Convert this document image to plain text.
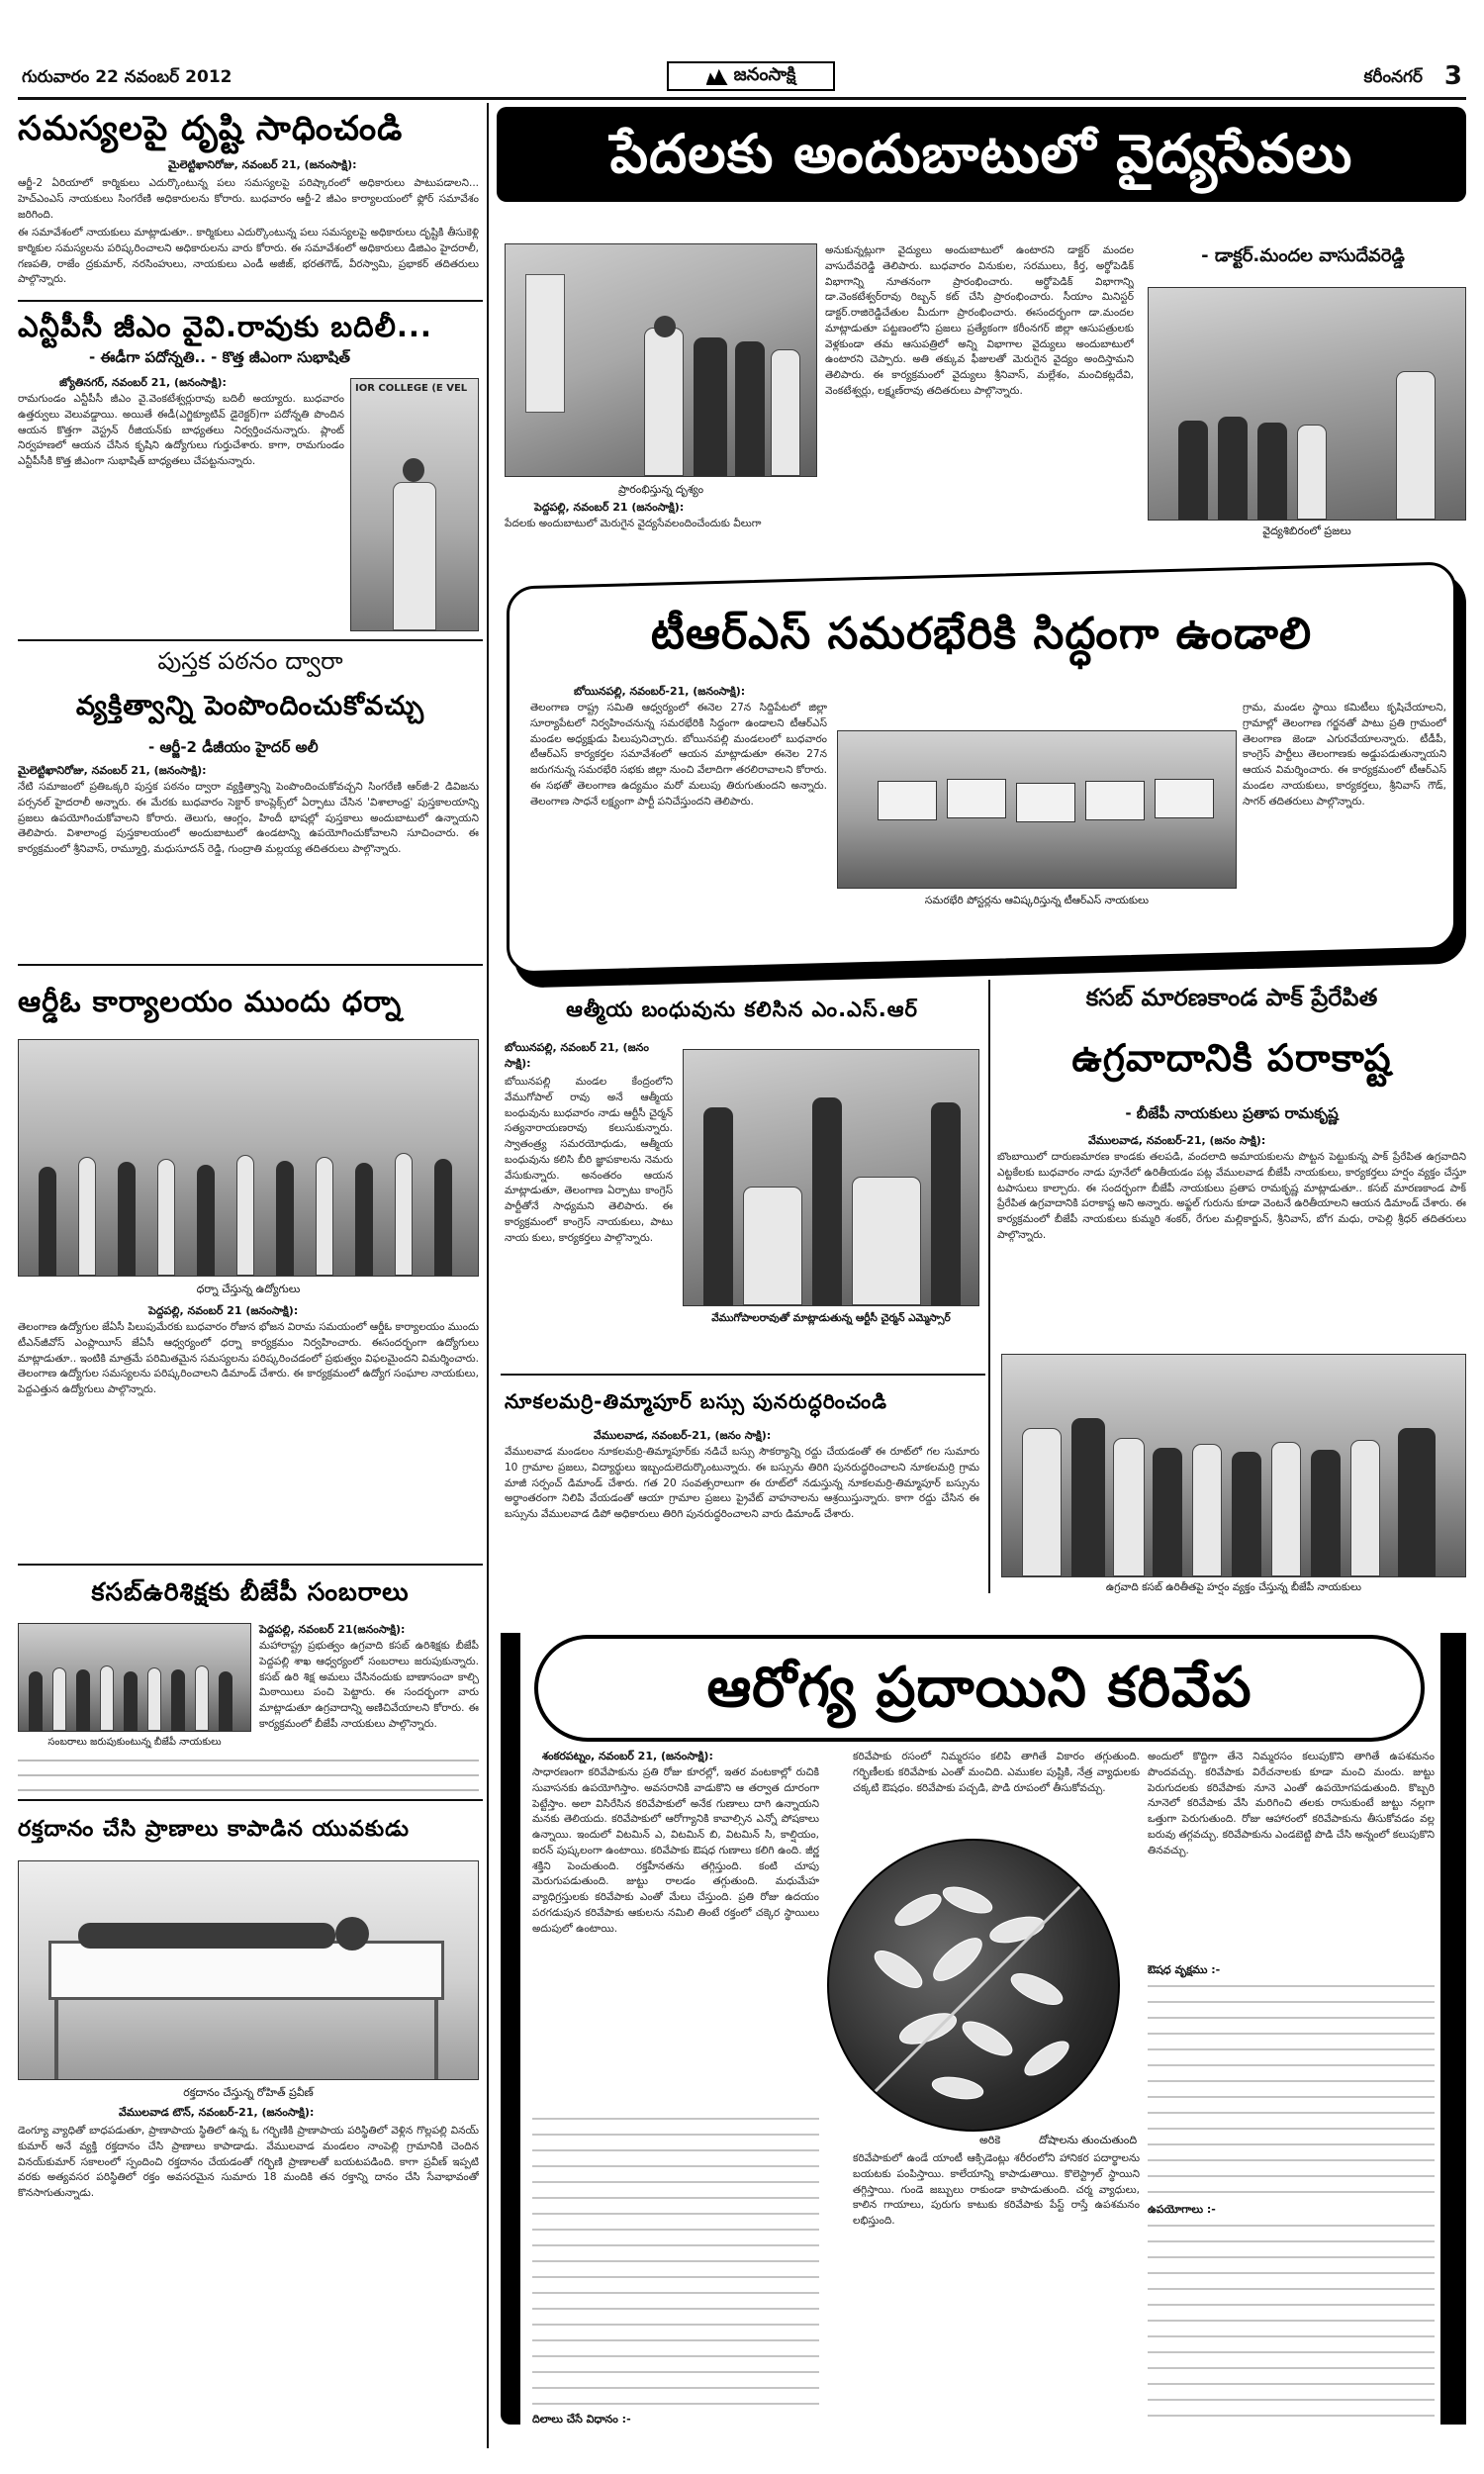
గురువారం 22 నవంబర్ 2012	జనంసాక్షి	కరీంనగర్ 3
సమస్యలపై దృష్టి సాధించండి
మైలెట్టిఖానిరోజు, నవంబర్‌ 21, (జనంసాక్షి):

ఆర్జీ-2 ఏరియాలో కార్మికులు ఎదుర్కొంటున్న పలు సమస్యలపై పరిష్కారంలో అధికారులు పాటుపడాలని... హెచ్‌ఎంఎస్‌ నాయకులు సింగరేణి అధికారులను కోరారు. బుధవారం ఆర్జీ-2 జీఎం కార్యాలయంలో ఫ్లోర్‌ సమావేశం జరిగింది.

ఈ సమావేశంలో నాయకులు మాట్లాడుతూ.. కార్మికులు ఎదుర్కొంటున్న పలు సమస్యలపై అధికారులు దృష్టికి తీసుకెళ్లి కార్మికుల సమస్యలను పరిష్కరించాలని అధికారులను వారు కోరారు. ఈ సమావేశంలో అధికారులు డిజిఎం హైదరాలీ, గణపతి, రాజేం ద్రకుమార్‌, నరసింహులు, నాయకులు ఎండీ అజీజ్‌, భరతగౌడ్‌, వీరస్వామి, ప్రభాకర్‌ తదితరులు పాల్గొన్నారు.

ఎన్టీపీసీ జీఎం వైవి.రావుకు బదిలీ...
- ఈడీగా పదోన్నతి.. - కొత్త జీఎంగా సుభాషిత్‌
జ్యోతినగర్‌, నవంబర్‌ 21, (జనంసాక్షి):

రామగుండం ఎన్టీపీసీ జీఎం వై.వెంకటేశ్వర్లురావు బదిలీ అయ్యారు. బుధవారం ఉత్తర్వులు వెలువడ్డాయి. అయితే ఈడీ(ఎగ్జిక్యూటివ్‌ డైరెక్టర్‌)గా పదోన్నతి పొందిన ఆయన కొత్తగా వెస్ట్రన్‌ రీజియన్‌కు బాధ్యతలు నిర్వర్తించనున్నారు. ప్లాంట్‌ నిర్వహణలో ఆయన చేసిన కృషిని ఉద్యోగులు గుర్తుచేశారు. కాగా, రామగుండం ఎన్టీపీసీకి కొత్త జీఎంగా సుభాషిత్‌ బాధ్యతలు చేపట్టనున్నారు.

IOR COLLEGE (E VEL
పుస్తక పఠనం ద్వారా
వ్యక్తిత్వాన్ని పెంపొందించుకోవచ్చు
- ఆర్జీ-2 డీజీయం హైదర్‌ అలీ
మైలెట్టిఖానిరోజు, నవంబర్‌ 21, (జనంసాక్షి):

నేటి సమాజంలో ప్రతిఒక్కరి పుస్తక పఠనం ద్వారా వ్యక్తిత్వాన్ని పెంపొందించుకోవచ్చని సింగరేణి ఆర్‌జీ-2 డివిజను పర్సనల్‌ హైదరాలీ అన్నారు. ఈ మేరకు బుధవారం సెక్టార్‌ కాంప్లెక్స్‌లో ఏర్పాటు చేసిన 'విశాలాంధ్ర' పుస్తకాలయాన్ని ప్రజలు ఉపయోగించుకోవాలని కోరారు. తెలుగు, ఆంగ్లం, హిందీ భాషల్లో పుస్తకాలు అందుబాటులో ఉన్నాయని తెలిపారు. విశాలాంధ్ర పుస్తకాలయంలో అందుబాటులో ఉండటాన్ని ఉపయోగించుకోవాలని సూచించారు. ఈ కార్యక్రమంలో శ్రీనివాస్‌, రామ్మూర్తి, మధుసూదన్‌ రెడ్డి, గుంద్రాతి మల్లయ్య తదితరులు పాల్గొన్నారు.

ఆర్డీఓ కార్యాలయం ముందు ధర్నా
ధర్నా చేస్తున్న ఉద్యోగులు
పెద్దపల్లి, నవంబర్‌ 21 (జనంసాక్షి):

తెలంగాణ ఉద్యోగుల జేఏసీ పిలుపుమేరకు బుధవారం రోజున భోజన విరామ సమయంలో ఆర్డీఓ కార్యాలయం ముందు టీఎన్‌జీవోస్‌ ఎంప్లాయీస్‌ జేఏసీ ఆధ్వర్యంలో ధర్నా కార్యక్రమం నిర్వహించారు. ఈసందర్భంగా ఉద్యోగులు మాట్లాడుతూ.. ఇంటికి మాత్రమే పరిమితమైన సమస్యలను పరిష్కరించడంలో ప్రభుత్వం విఫలమైందని విమర్శించారు. తెలంగాణ ఉద్యోగుల సమస్యలను పరిష్కరించాలని డిమాండ్‌ చేశారు. ఈ కార్యక్రమంలో ఉద్యోగ సంఘాల నాయకులు, పెద్దఎత్తున ఉద్యోగులు పాల్గొన్నారు.

కసబ్‌ఉరిశిక్షకు బీజేపీ సంబరాలు
పెద్దపల్లి, నవంబర్‌ 21(జనంసాక్షి):

మహారాష్ట్ర ప్రభుత్వం ఉగ్రవాది కసబ్‌ ఉరిశిక్షకు బీజేపీ పెద్దపల్లి శాఖ ఆధ్వర్యంలో సంబరాలు జరుపుకున్నారు. కసబ్‌ ఉరి శిక్ష అమలు చేసినందుకు బాణాసంచా కాల్చి మిఠాయిలు పంచి పెట్టారు. ఈ సందర్భంగా వారు మాట్లాడుతూ ఉగ్రవాదాన్ని అణిచివేయాలని కోరారు. ఈ కార్యక్రమంలో బీజేపీ నాయకులు పాల్గొన్నారు.

సంబరాలు జరుపుకుంటున్న బీజేపీ నాయకులు

రక్తదానం చేసి ప్రాణాలు కాపాడిన యువకుడు
రక్తదానం చేస్తున్న రోహిత్‌ ప్రవీణ్‌
వేములవాడ టౌన్‌, నవంబర్‌-21, (జనంసాక్షి):

డెంగ్యూ వ్యాధితో బాధపడుతూ, ప్రాణాపాయ స్థితిలో ఉన్న ఓ గర్భిణికి ప్రాణాపాయ పరిస్థితిలో వెళ్లిన గొల్లపల్లి వినయ్‌ కుమార్‌ అనే వ్యక్తి రక్తదానం చేసి ప్రాణాలు కాపాడాడు. వేములవాడ మండలం నాంపెల్లి గ్రామానికి చెందిన వినయ్‌కుమార్‌ సకాలంలో స్పందించి రక్తదానం చేయడంతో గర్భిణి ప్రాణాలతో బయటపడింది. కాగా ప్రవీణ్‌ ఇప్పటి వరకు అత్యవసర పరిస్థితిలో రక్తం అవసరమైన సుమారు 18 మందికి తన రక్తాన్ని దానం చేసి సేవాభావంతో కొనసాగుతున్నాడు.

పేదలకు అందుబాటులో వైద్యసేవలు
ప్రారంభిస్తున్న దృశ్యం
పెద్దపల్లి, నవంబర్‌ 21 (జనంసాక్షి):

పేదలకు అందుబాటులో మెరుగైన వైద్యసేవలందించేందుకు వీలుగా

అనుకున్నట్లుగా వైద్యులు అందుబాటులో ఉంటారని డాక్టర్‌ మందల వాసుదేవరెడ్డి తెలిపారు. బుధవారం వినుకుల, సరములు, కీర్త, అర్థోపెడిక్‌ విభాగాన్ని నూతనంగా ప్రారంభించారు. అర్థోపెడిక్‌ విభాగాన్ని డా.వెంకటేశ్వర్‌రావు రిబ్బన్‌ కట్‌ చేసి ప్రారంభించారు. సీయాం మినిస్టర్‌ డాక్టర్‌.రాజిరెడ్డిచేతుల మీదుగా ప్రారంభించారు. ఈసందర్భంగా డా.మందల మాట్లాడుతూ పట్టణంలోని ప్రజలు ప్రత్యేకంగా కరీంనగర్‌ జిల్లా ఆసుపత్రులకు వెళ్లకుండా తమ ఆసుపత్రిలో అన్ని విభాగాల వైద్యులు అందుబాటులో ఉంటారని చెప్పారు. అతి తక్కువ ఫీజులతో మెరుగైన వైద్యం అందిస్తామని తెలిపారు. ఈ కార్యక్రమంలో వైద్యులు శ్రీనివాస్‌, మల్లేశం, మంచికట్లదేవి, వెంకటేశ్వర్లు, లక్ష్మణ్‌రావు తదితరులు పాల్గొన్నారు.

- డాక్టర్‌.మందల వాసుదేవరెడ్డి
వైద్యశిబిరంలో ప్రజలు
టీఆర్‌ఎస్‌ సమరభేరికి సిద్ధంగా ఉండాలి
బోయినపల్లి, నవంబర్‌-21, (జనంసాక్షి):

తెలంగాణ రాష్ట్ర సమితి ఆధ్వర్యంలో ఈనెల 27న సిద్దిపేటలో జిల్లా సూర్యాపేటలో నిర్వహించనున్న సమరభేరికి సిద్ధంగా ఉండాలని టీఆర్‌ఎస్‌ మండల అధ్యక్షుడు పిలుపునిచ్చారు. బోయినపల్లి మండలంలో బుధవారం టీఆర్‌ఎస్‌ కార్యకర్తల సమావేశంలో ఆయన మాట్లాడుతూ ఈనెల 27న జరుగనున్న సమరభేరి సభకు జిల్లా నుంచి వేలాదిగా తరలిరావాలని కోరారు. ఈ సభతో తెలంగాణ ఉద్యమం మరో మలుపు తిరుగుతుందని అన్నారు. తెలంగాణ సాధనే లక్ష్యంగా పార్టీ పనిచేస్తుందని తెలిపారు.

సమరభేరి పోస్టర్లను ఆవిష్కరిస్తున్న టీఆర్‌ఎస్‌ నాయకులు

గ్రామ, మండల స్థాయి కమిటీలు కృషిచేయాలని, గ్రామాల్లో తెలంగాణ గర్జనతో పాటు ప్రతి గ్రామంలో తెలంగాణ జెండా ఎగురవేయాలన్నారు. టీడీపీ, కాంగ్రెస్‌ పార్టీలు తెలంగాణకు అడ్డుపడుతున్నాయని ఆయన విమర్శించారు. ఈ కార్యక్రమంలో టీఆర్‌ఎస్‌ మండల నాయకులు, కార్యకర్తలు, శ్రీనివాస్‌ గౌడ్‌, సాగర్‌ తదితరులు పాల్గొన్నారు.

ఆత్మీయ బంధువును కలిసిన ఎం.ఎస్‌.ఆర్‌
బోయినపల్లి, నవంబర్‌ 21, (జనం సాక్షి):

బోయినపల్లి మండల కేంద్రంలోని వేముగోపాల్‌ రావు అనే ఆత్మీయ బంధువును బుధవారం నాడు ఆర్టీసీ చైర్మన్‌ సత్యనారాయణరావు కలుసుకున్నారు. స్వాతంత్ర్య సమరయోధుడు, ఆత్మీయ బంధువును కలిసి బీరి జ్ఞాపకాలను నెమరు వేసుకున్నారు. అనంతరం ఆయన మాట్లాడుతూ, తెలంగాణ ఏర్పాటు కాంగ్రెస్‌ పార్టీతోనే సాధ్యమని తెలిపారు. ఈ కార్యక్రమంలో కాంగ్రెస్‌ నాయకులు, పాటు నాయ కులు, కార్యకర్తలు పాల్గొన్నారు.

వేముగోపాలరావుతో మాట్లాడుతున్న ఆర్టీసీ చైర్మన్‌ ఎమ్మెస్సార్‌
నూకలమర్రి-తిమ్మాపూర్‌ బస్సు పునరుద్ధరించండి
వేములవాడ, నవంబర్‌-21, (జనం సాక్షి):

వేములవాడ మండలం నూకలమర్రి-తిమ్మాపూర్‌కు నడిచే బస్సు సౌకర్యాన్ని రద్దు చేయడంతో ఈ రూట్‌లో గల సుమారు 10 గ్రామాల ప్రజలు, విద్యార్థులు ఇబ్బందులెదుర్కొంటున్నారు. ఈ బస్సును తిరిగి పునరుద్ధరించాలని నూకలమర్రి గ్రామ మాజీ సర్పంచ్‌ డిమాండ్‌ చేశారు. గత 20 సంవత్సరాలుగా ఈ రూట్‌లో నడుస్తున్న నూకలమర్రి-తిమ్మాపూర్‌ బస్సును అర్థాంతరంగా నిలిపి వేయడంతో ఆయా గ్రామాల ప్రజలు ప్రైవేట్‌ వాహనాలను ఆశ్రయిస్తున్నారు. కాగా రద్దు చేసిన ఈ బస్సును వేములవాడ డిపో అధికారులు తిరిగి పునరుద్ధరించాలని వారు డిమాండ్‌ చేశారు.

కసబ్‌ మారణకాండ పాక్‌ ప్రేరేపిత
ఉగ్రవాదానికి పరాకాష్ట
- బీజేపీ నాయకులు ప్రతాప రామకృష్ణ
వేములవాడ, నవంబర్‌-21, (జనం సాక్షి):

బొంబాయిలో దారుణమారణ కాండకు తలపడి, వందలాది అమాయకులను పొట్టన పెట్టుకున్న పాక్‌ ప్రేరేపిత ఉగ్రవాదిని ఎట్టకేలకు బుధవారం నాడు పూనేలో ఉరితీయడం పట్ల వేములవాడ బీజేపీ నాయకులు, కార్యకర్తలు హర్షం వ్యక్తం చేస్తూ టపాసులు కాల్చారు. ఈ సందర్భంగా బీజేపీ నాయకులు ప్రతాప రామకృష్ణ మాట్లాడుతూ.. కసబ్‌ మారణకాండ పాక్‌ ప్రేరేపిత ఉగ్రవాదానికి పరాకాష్ట అని అన్నారు. అఫ్జల్‌ గురును కూడా వెంటనే ఉరితీయాలని ఆయన డిమాండ్‌ చేశారు. ఈ కార్యక్రమంలో బీజేపీ నాయకులు కుమ్మరి శంకర్‌, రేగుల మల్లికార్జున్‌, శ్రీనివాస్‌, బోగ మధు, రాపెల్లి శ్రీధర్‌ తదితరులు పాల్గొన్నారు.

ఉగ్రవాది కసబ్‌ ఉరితీతపై హర్షం వ్యక్తం చేస్తున్న బీజేపీ నాయకులు
ఆరోగ్య ప్రదాయిని కరివేప
శంకరపట్నం, నవంబర్‌ 21, (జనంసాక్షి):

సాధారణంగా కరివేపాకును ప్రతి రోజు కూరల్లో, ఇతర వంటకాల్లో రుచికి సువాసనకు ఉపయోగిస్తాం. అవసరానికి వాడుకొని ఆ తర్వాత దూరంగా పెట్టేస్తాం. అలా విసిరేసిన కరివేపాకులో అనేక గుణాలు దాగి ఉన్నాయని మనకు తెలియదు. కరివేపాకులో ఆరోగ్యానికి కావాల్సిన ఎన్నో పోషకాలు ఉన్నాయి. ఇందులో విటమిన్‌ ఎ, విటమిన్‌ బి, విటమిన్‌ సి, కాల్షియం, ఐరన్‌ పుష్కలంగా ఉంటాయి. కరివేపాకు ఔషధ గుణాలు కలిగి ఉంది. జీర్ణ శక్తిని పెంచుతుంది. రక్తహీనతను తగ్గిస్తుంది. కంటి చూపు మెరుగుపడుతుంది. జుట్టు రాలడం తగ్గుతుంది. మధుమేహ వ్యాధిగ్రస్తులకు కరివేపాకు ఎంతో మేలు చేస్తుంది. ప్రతి రోజు ఉదయం పరగడుపున కరివేపాకు ఆకులను నమిలి తింటే రక్తంలో చక్కెర స్థాయిలు అదుపులో ఉంటాయి.

కరివేపాకు రసంలో నిమ్మరసం కలిపి తాగితే వికారం తగ్గుతుంది. గర్భిణీలకు కరివేపాకు ఎంతో మంచిది. ఎముకల పుష్టికి, నేత్ర వ్యాధులకు చక్కటి ఔషధం. కరివేపాకు పచ్చడి, పొడి రూపంలో తీసుకోవచ్చు.

అరికె	దోషాలను తుంచుతుంది

కరివేపాకులో ఉండే యాంటీ ఆక్సిడెంట్లు శరీరంలోని హానికర పదార్థాలను బయటకు పంపిస్తాయి. కాలేయాన్ని కాపాడుతాయి. కొలెస్ట్రాల్‌ స్థాయిని తగ్గిస్తాయి. గుండె జబ్బులు రాకుండా కాపాడుతుంది. చర్మ వ్యాధులు, కాలిన గాయాలు, పురుగు కాటుకు కరివేపాకు పేస్ట్‌ రాస్తే ఉపశమనం లభిస్తుంది.

దిలాలు చేసే విధానం :-

అందులో కొద్దిగా తేనె నిమ్మరసం కలుపుకొని తాగితే ఉపశమనం పొందవచ్చు. కరివేపాకు విరేచనాలకు కూడా మంచి మందు. జుట్టు పెరుగుదలకు కరివేపాకు నూనె ఎంతో ఉపయోగపడుతుంది. కొబ్బరి నూనెలో కరివేపాకు వేసి మరిగించి తలకు రాసుకుంటే జుట్టు నల్లగా ఒత్తుగా పెరుగుతుంది. రోజు ఆహారంలో కరివేపాకును తీసుకోవడం వల్ల బరువు తగ్గవచ్చు. కరివేపాకును ఎండబెట్టి పొడి చేసి అన్నంలో కలుపుకొని తినవచ్చు.

ఔషధ వృక్షము :-

ఉపయోగాలు :-
